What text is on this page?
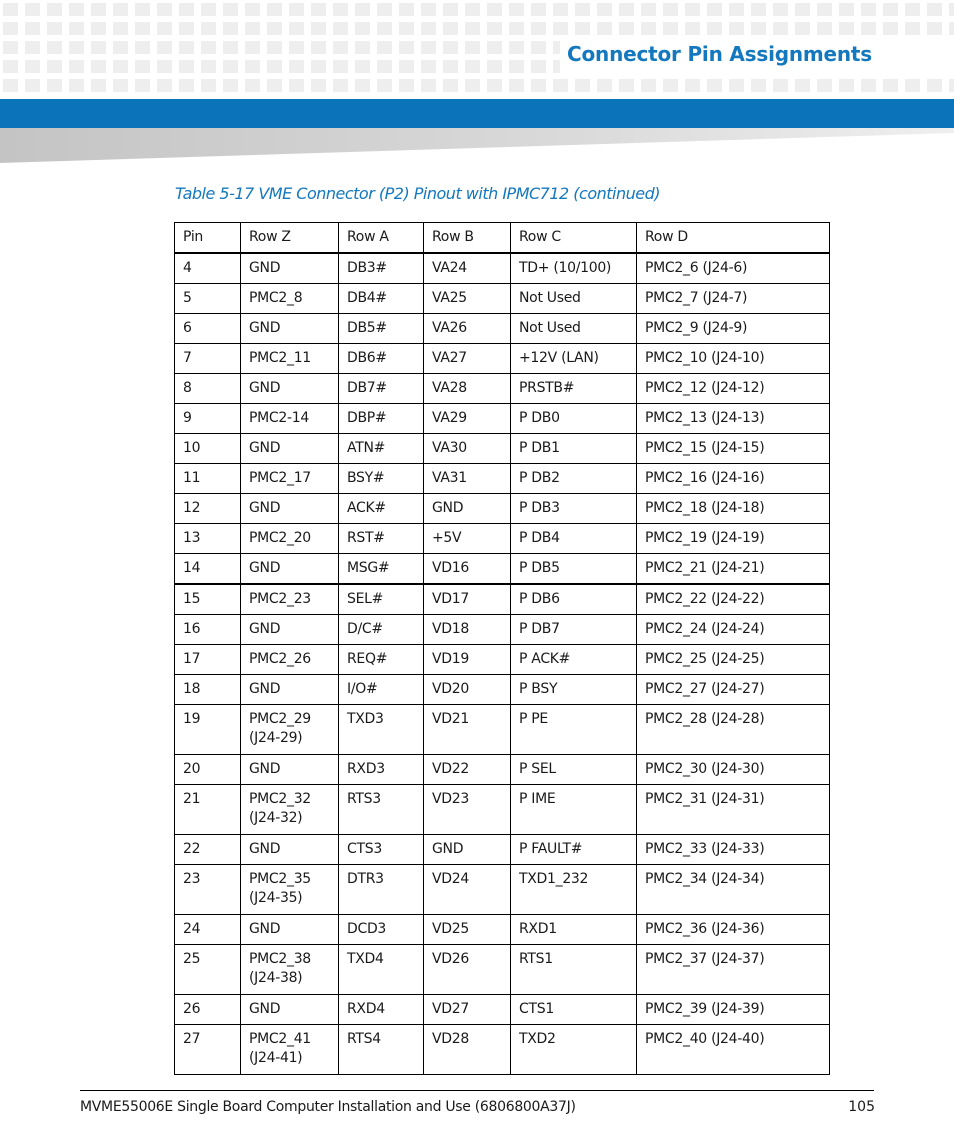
Connector Pin Assignments

Table 5-17 VME Connector (P2) Pinout with IPMC712 (continued)

Pin	Row Z	Row A	Row B	Row C	Row D
4	GND	DB3#	VA24	TD+ (10/100)	PMC2_6 (J24-6)
5	PMC2_8	DB4#	VA25	Not Used	PMC2_7 (J24-7)
6	GND	DB5#	VA26	Not Used	PMC2_9 (J24-9)
7	PMC2_11	DB6#	VA27	+12V (LAN)	PMC2_10 (J24-10)
8	GND	DB7#	VA28	PRSTB#	PMC2_12 (J24-12)
9	PMC2-14	DBP#	VA29	P DB0	PMC2_13 (J24-13)
10	GND	ATN#	VA30	P DB1	PMC2_15 (J24-15)
11	PMC2_17	BSY#	VA31	P DB2	PMC2_16 (J24-16)
12	GND	ACK#	GND	P DB3	PMC2_18 (J24-18)
13	PMC2_20	RST#	+5V	P DB4	PMC2_19 (J24-19)
14	GND	MSG#	VD16	P DB5	PMC2_21 (J24-21)
15	PMC2_23	SEL#	VD17	P DB6	PMC2_22 (J24-22)
16	GND	D/C#	VD18	P DB7	PMC2_24 (J24-24)
17	PMC2_26	REQ#	VD19	P ACK#	PMC2_25 (J24-25)
18	GND	I/O#	VD20	P BSY	PMC2_27 (J24-27)
19	PMC2_29 (J24-29)	TXD3	VD21	P PE	PMC2_28 (J24-28)
20	GND	RXD3	VD22	P SEL	PMC2_30 (J24-30)
21	PMC2_32 (J24-32)	RTS3	VD23	P IME	PMC2_31 (J24-31)
22	GND	CTS3	GND	P FAULT#	PMC2_33 (J24-33)
23	PMC2_35 (J24-35)	DTR3	VD24	TXD1_232	PMC2_34 (J24-34)
24	GND	DCD3	VD25	RXD1	PMC2_36 (J24-36)
25	PMC2_38 (J24-38)	TXD4	VD26	RTS1	PMC2_37 (J24-37)
26	GND	RXD4	VD27	CTS1	PMC2_39 (J24-39)
27	PMC2_41 (J24-41)	RTS4	VD28	TXD2	PMC2_40 (J24-40)

MVME55006E Single Board Computer Installation and Use (6806800A37J)	105
